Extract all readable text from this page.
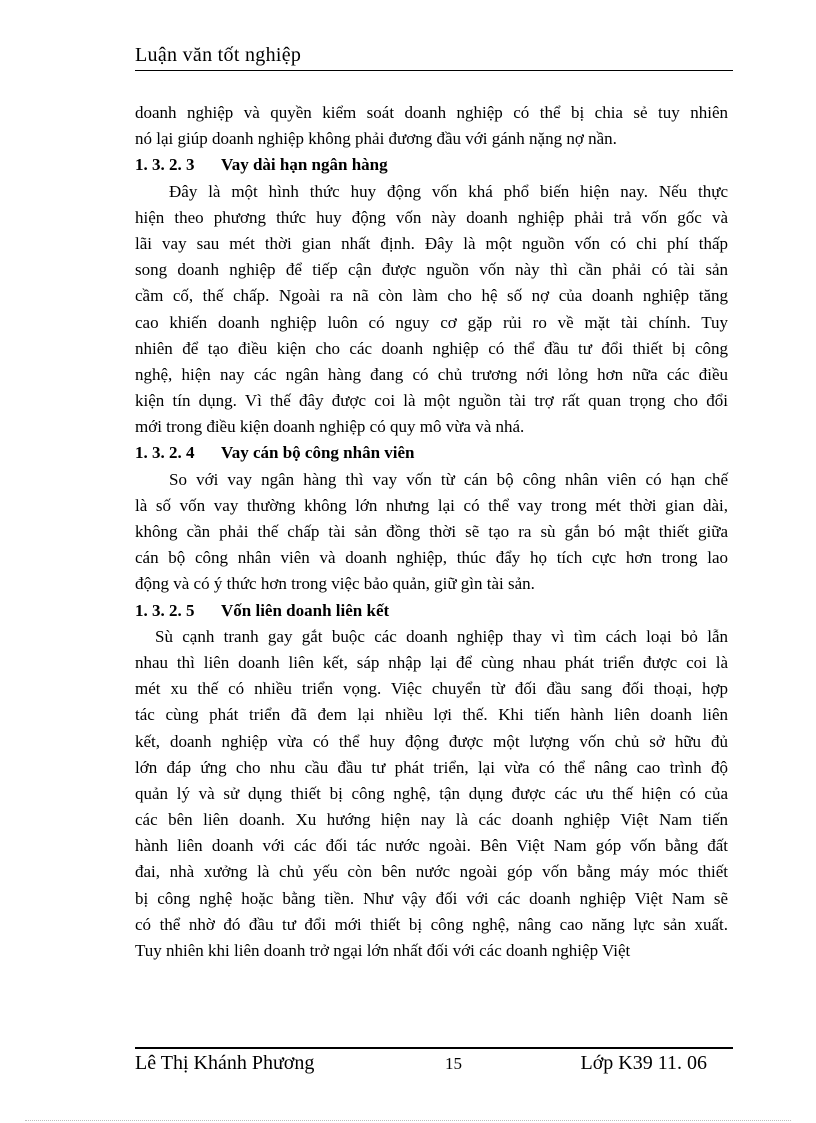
Luận văn tốt nghiệp
doanh nghiệp và quyền kiểm soát doanh nghiệp có thể bị chia sẻ tuy nhiên
nó lại giúp doanh nghiệp không phải đương đầu với gánh nặng nợ nần.
1. 3. 2. 3 Vay dài hạn ngân hàng
Đây là một hình thức huy động vốn khá phổ biến hiện nay. Nếu thực
hiện theo phương thức huy động vốn này doanh nghiệp phải trả vốn gốc và
lãi vay sau mét thời gian nhất định. Đây là một nguồn vốn có chi phí thấp
song doanh nghiệp để tiếp cận được nguồn vốn này thì cần phải có tài sản
cầm cố, thế chấp. Ngoài ra nã còn làm cho hệ số nợ của doanh nghiệp tăng
cao khiến doanh nghiệp luôn có nguy cơ gặp rủi ro về mặt tài chính. Tuy
nhiên để tạo điều kiện cho các doanh nghiệp có thể đầu tư đổi thiết bị công
nghệ, hiện nay các ngân hàng đang có chủ trương nới lỏng hơn nữa các điều
kiện tín dụng. Vì thế đây được coi là một nguồn tài trợ rất quan trọng cho đổi
mới trong điều kiện doanh nghiệp có quy mô vừa và nhá.
1. 3. 2. 4 Vay cán bộ công nhân viên
So với vay ngân hàng thì vay vốn từ cán bộ công nhân viên có hạn chế
là số vốn vay thường không lớn nhưng lại có thể vay trong mét thời gian dài,
không cần phải thế chấp tài sản đồng thời sẽ tạo ra sù gắn bó mật thiết giữa
cán bộ công nhân viên và doanh nghiệp, thúc đẩy họ tích cực hơn trong lao
động và có ý thức hơn trong việc bảo quản, giữ gìn tài sản.
1. 3. 2. 5 Vốn liên doanh liên kết
Sù cạnh tranh gay gắt buộc các doanh nghiệp thay vì tìm cách loại bỏ lẫn
nhau thì liên doanh liên kết, sáp nhập lại để cùng nhau phát triển được coi là
mét xu thế có nhiều triển vọng. Việc chuyển từ đối đầu sang đối thoại, hợp
tác cùng phát triển đã đem lại nhiều lợi thế. Khi tiến hành liên doanh liên
kết, doanh nghiệp vừa có thể huy động được một lượng vốn chủ sở hữu đủ
lớn đáp ứng cho nhu cầu đầu tư phát triển, lại vừa có thể nâng cao trình độ
quản lý và sử dụng thiết bị công nghệ, tận dụng được các ưu thế hiện có của
các bên liên doanh. Xu hướng hiện nay là các doanh nghiệp Việt Nam tiến
hành liên doanh với các đối tác nước ngoài. Bên Việt Nam góp vốn bằng đất
đai, nhà xưởng là chủ yếu còn bên nước ngoài góp vốn bằng máy móc thiết
bị công nghệ hoặc bằng tiền. Như vậy đối với các doanh nghiệp Việt Nam sẽ
có thể nhờ đó đầu tư đổi mới thiết bị công nghệ, nâng cao năng lực sản xuất.
Tuy nhiên khi liên doanh trở ngại lớn nhất đối với các doanh nghiệp Việt
Lê Thị Khánh Phương	15	Lớp K39 11. 06
